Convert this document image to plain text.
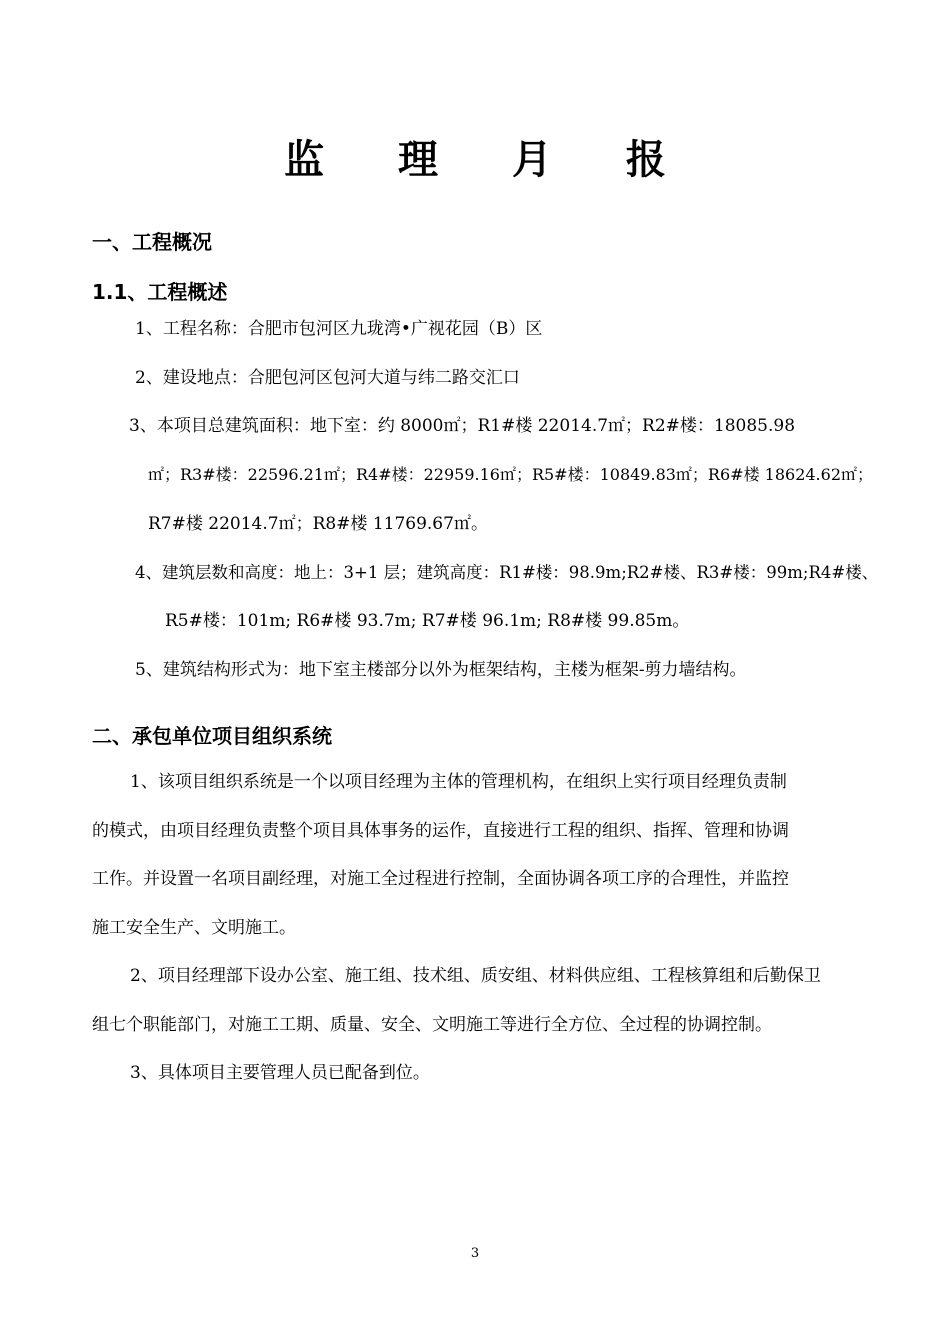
监 理 月 报
一、工程概况
1.1、工程概述
1、工程名称：合肥市包河区九珑湾•广视花园（B）区
2、建设地点：合肥包河区包河大道与纬二路交汇口
3、本项目总建筑面积：地下室：约 8000㎡；R1#楼 22014.7㎡；R2#楼：18085.98
㎡；R3#楼：22596.21㎡；R4#楼：22959.16㎡；R5#楼：10849.83㎡；R6#楼 18624.62㎡；
R7#楼 22014.7㎡；R8#楼 11769.67㎡。
4、建筑层数和高度：地上：3+1 层；建筑高度：R1#楼：98.9m;R2#楼、R3#楼：99m;R4#楼、
R5#楼：101m; R6#楼 93.7m; R7#楼 96.1m; R8#楼 99.85m。
5、建筑结构形式为：地下室主楼部分以外为框架结构，主楼为框架-剪力墙结构。
二、承包单位项目组织系统
1、该项目组织系统是一个以项目经理为主体的管理机构，在组织上实行项目经理负责制
的模式，由项目经理负责整个项目具体事务的运作，直接进行工程的组织、指挥、管理和协调
工作。并设置一名项目副经理，对施工全过程进行控制，全面协调各项工序的合理性，并监控
施工安全生产、文明施工。
2、项目经理部下设办公室、施工组、技术组、质安组、材料供应组、工程核算组和后勤保卫
组七个职能部门，对施工工期、质量、安全、文明施工等进行全方位、全过程的协调控制。
3、具体项目主要管理人员已配备到位。
3
